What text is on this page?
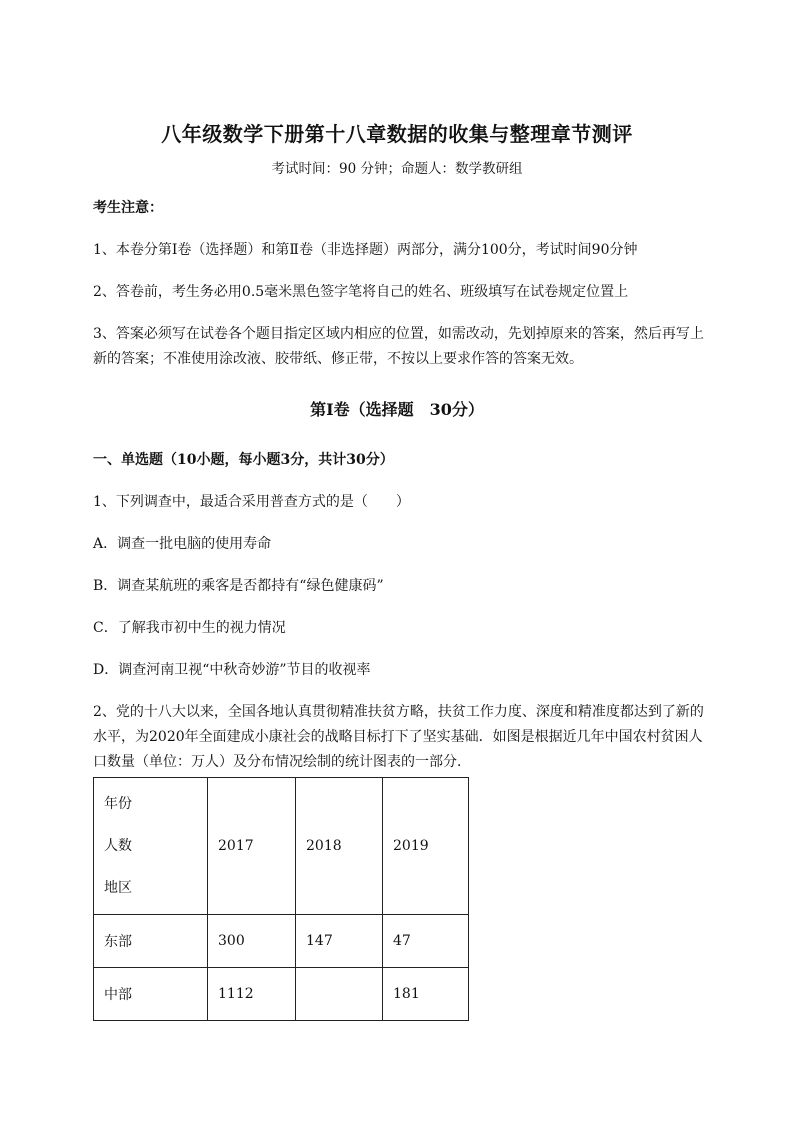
八年级数学下册第十八章数据的收集与整理章节测评
考试时间：90 分钟；命题人：数学教研组
考生注意：
1、本卷分第I卷（选择题）和第Ⅱ卷（非选择题）两部分，满分100分，考试时间90分钟
2、答卷前，考生务必用0.5毫米黑色签字笔将自己的姓名、班级填写在试卷规定位置上
3、答案必须写在试卷各个题目指定区域内相应的位置，如需改动，先划掉原来的答案，然后再写上新的答案；不准使用涂改液、胶带纸、修正带，不按以上要求作答的答案无效。
第I卷（选择题　30分）
一、单选题（10小题，每小题3分，共计30分）
1、下列调查中，最适合采用普查方式的是（　　）
A．调查一批电脑的使用寿命
B．调查某航班的乘客是否都持有“绿色健康码”
C．了解我市初中生的视力情况
D．调查河南卫视“中秋奇妙游”节目的收视率
2、党的十八大以来，全国各地认真贯彻精准扶贫方略，扶贫工作力度、深度和精准度都达到了新的
水平，为2020年全面建成小康社会的战略目标打下了坚实基础．如图是根据近几年中国农村贫困人
口数量（单位：万人）及分布情况绘制的统计图表的一部分．
年份
人数
地区	2017	2018	2019
东部	300	147	47
中部	1112		181
